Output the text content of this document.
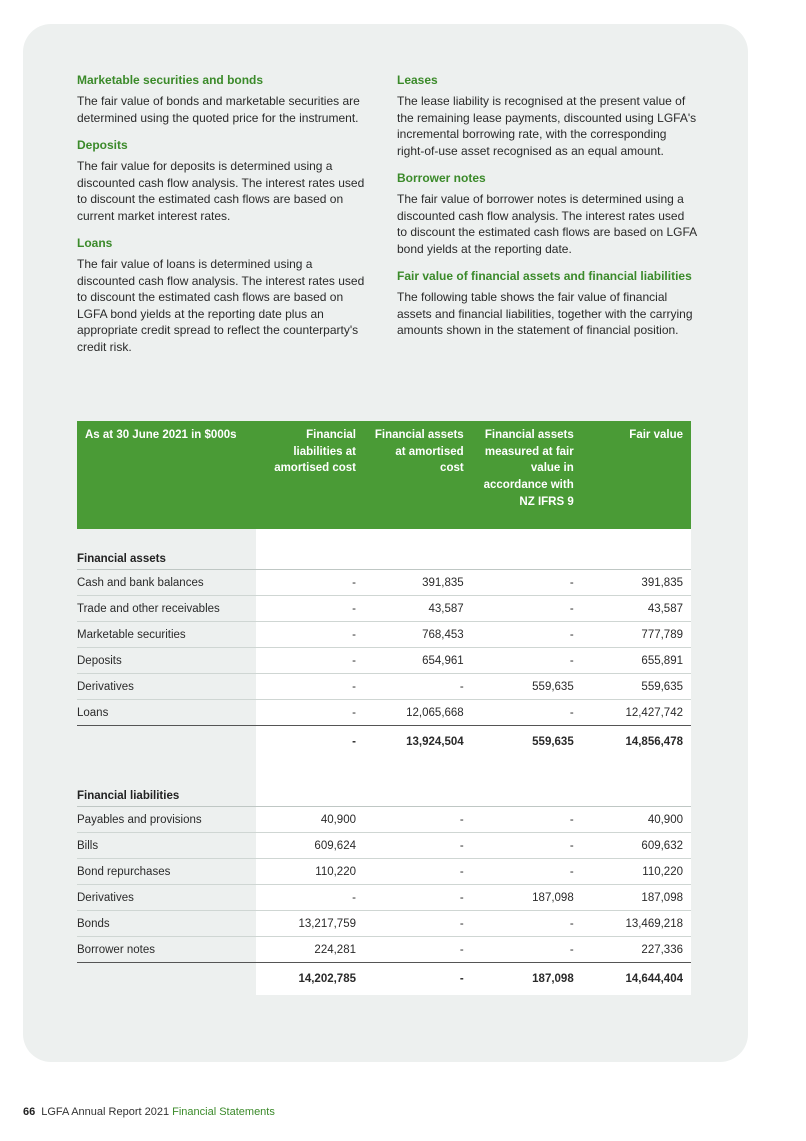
Marketable securities and bonds
The fair value of bonds and marketable securities are determined using the quoted price for the instrument.
Deposits
The fair value for deposits is determined using a discounted cash flow analysis. The interest rates used to discount the estimated cash flows are based on current market interest rates.
Loans
The fair value of loans is determined using a discounted cash flow analysis. The interest rates used to discount the estimated cash flows are based on LGFA bond yields at the reporting date plus an appropriate credit spread to reflect the counterparty's credit risk.
Leases
The lease liability is recognised at the present value of the remaining lease payments, discounted using LGFA's incremental borrowing rate, with the corresponding right-of-use asset recognised as an equal amount.
Borrower notes
The fair value of borrower notes is determined using a discounted cash flow analysis. The interest rates used to discount the estimated cash flows are based on LGFA bond yields at the reporting date.
Fair value of financial assets and financial liabilities
The following table shows the fair value of financial assets and financial liabilities, together with the carrying amounts shown in the statement of financial position.
As at 30 June 2021 in $000s	Financial liabilities at amortised cost	Financial assets at amortised cost	Financial assets measured at fair value in accordance with NZ IFRS 9	Fair value
Financial assets				
Cash and bank balances	-	391,835	-	391,835
Trade and other receivables	-	43,587	-	43,587
Marketable securities	-	768,453	-	777,789
Deposits	-	654,961	-	655,891
Derivatives	-	-	559,635	559,635
Loans	-	12,065,668	-	12,427,742
	-	13,924,504	559,635	14,856,478

Financial liabilities				
Payables and provisions	40,900	-	-	40,900
Bills	609,624	-	-	609,632
Bond repurchases	110,220	-	-	110,220
Derivatives	-	-	187,098	187,098
Bonds	13,217,759	-	-	13,469,218
Borrower notes	224,281	-	-	227,336
	14,202,785	-	187,098	14,644,404
66 LGFA Annual Report 2021 Financial Statements
